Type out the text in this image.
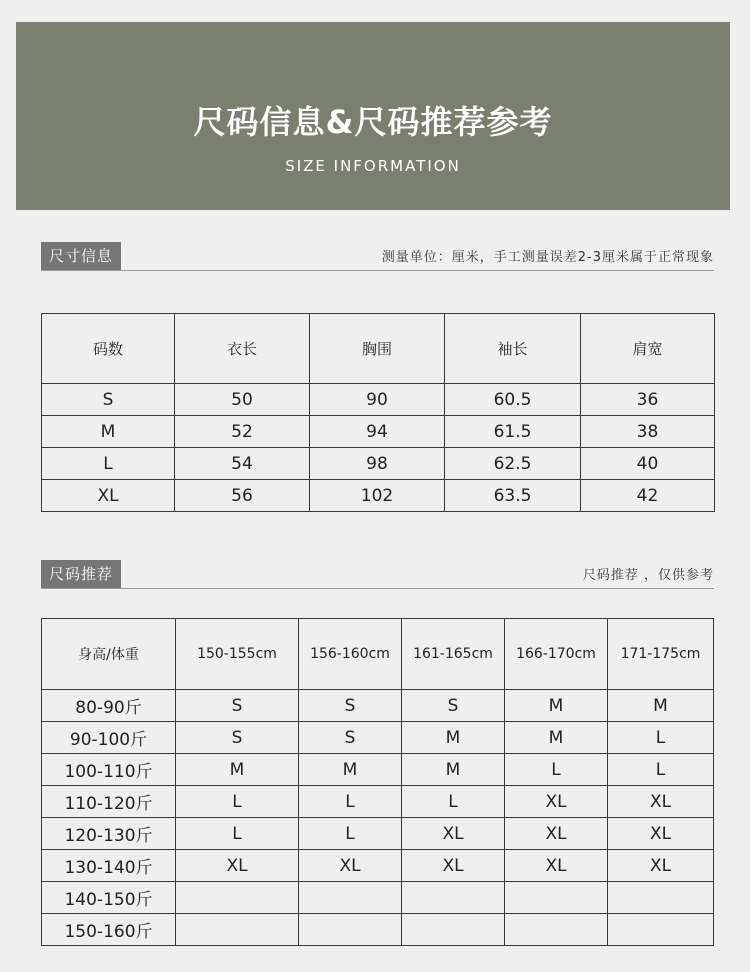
尺码信息&尺码推荐参考
SIZE INFORMATION
尺寸信息	测量单位：厘米，手工测量误差2-3厘米属于正常现象
码数	衣长	胸围	袖长	肩宽
S	50	90	60.5	36
M	52	94	61.5	38
L	54	98	62.5	40
XL	56	102	63.5	42
尺码推荐	尺码推荐 ，仅供参考
身高/体重	150-155cm	156-160cm	161-165cm	166-170cm	171-175cm
80-90斤	S	S	S	M	M
90-100斤	S	S	M	M	L
100-110斤	M	M	M	L	L
110-120斤	L	L	L	XL	XL
120-130斤	L	L	XL	XL	XL
130-140斤	XL	XL	XL	XL	XL
140-150斤					
150-160斤					
